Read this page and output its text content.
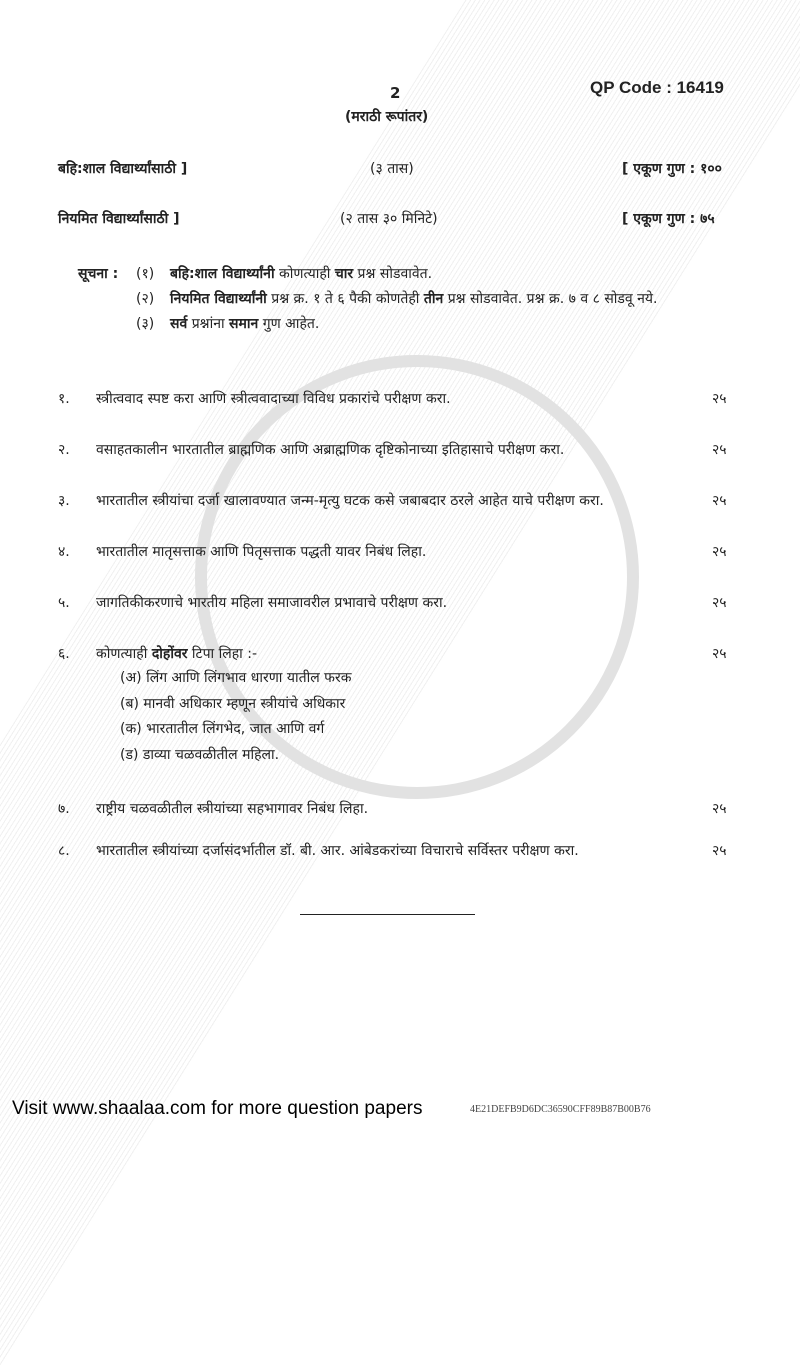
2	QP Code : 16419
(मराठी रूपांतर)
बहि:शाल विद्यार्थ्यांसाठी ]	(३ तास)	[ एकूण गुण : १००
नियमित विद्यार्थ्यांसाठी ]	(२ तास ३० मिनिटे)	[ एकूण गुण : ७५
सूचना :	(१)	बहि:शाल विद्यार्थ्यांनी कोणत्याही चार प्रश्न सोडवावेत.
(२)	नियमित विद्यार्थ्यांनी प्रश्न क्र. १ ते ६ पैकी कोणतेही तीन प्रश्न सोडवावेत. प्रश्न क्र. ७ व ८ सोडवू नये.
(३)	सर्व प्रश्नांना समान गुण आहेत.
१.	स्त्रीत्ववाद स्पष्ट करा आणि स्त्रीत्ववादाच्या विविध प्रकारांचे परीक्षण करा.	२५
२.	वसाहतकालीन भारतातील ब्राह्मणिक आणि अब्राह्मणिक दृष्टिकोनाच्या इतिहासाचे परीक्षण करा.	२५
३.	भारतातील स्त्रीयांचा दर्जा खालावण्यात जन्म-मृत्यु घटक कसे जबाबदार ठरले आहेत याचे परीक्षण करा.	२५
४.	भारतातील मातृसत्ताक आणि पितृसत्ताक पद्धती यावर निबंध लिहा.	२५
५.	जागतिकीकरणाचे भारतीय महिला समाजावरील प्रभावाचे परीक्षण करा.	२५
६.	कोणत्याही दोहोंवर टिपा लिहा :-	२५
(अ) लिंग आणि लिंगभाव धारणा यातील फरक
(ब) मानवी अधिकार म्हणून स्त्रीयांचे अधिकार
(क) भारतातील लिंगभेद, जात आणि वर्ग
(ड) डाव्या चळवळीतील महिला.
७.	राष्ट्रीय चळवळीतील स्त्रीयांच्या सहभागावर निबंध लिहा.	२५
८.	भारतातील स्त्रीयांच्या दर्जासंदर्भातील डॉ. बी. आर. आंबेडकरांच्या विचाराचे सर्विस्तर परीक्षण करा.	२५
Visit www.shaalaa.com for more question papers	4E21DEFB9D6DC36590CFF89B87B00B76
